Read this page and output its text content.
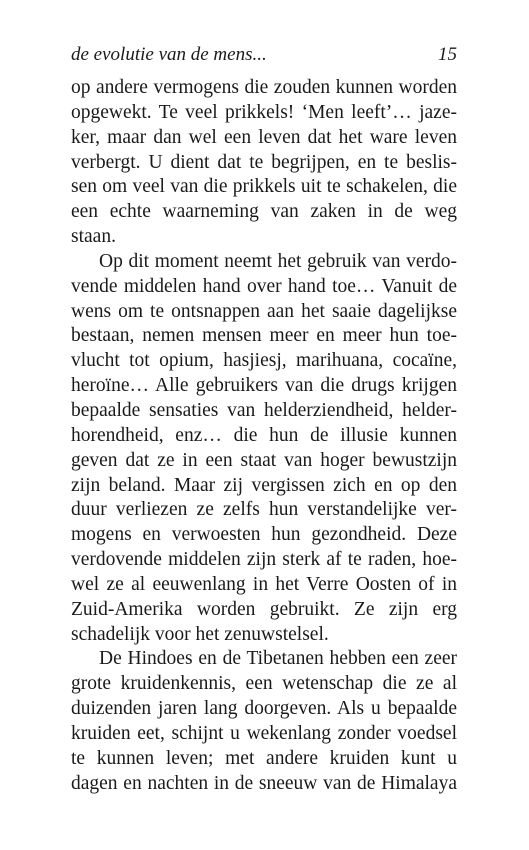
de evolutie van de mens...	15
op andere vermogens die zouden kunnen worden
opgewekt. Te veel prikkels! ‘Men leeft’… jaze-
ker, maar dan wel een leven dat het ware leven
verbergt. U dient dat te begrijpen, en te beslis-
sen om veel van die prikkels uit te schakelen, die
een echte waarneming van zaken in de weg
staan.
Op dit moment neemt het gebruik van verdo-
vende middelen hand over hand toe… Vanuit de
wens om te ontsnappen aan het saaie dagelijkse
bestaan, nemen mensen meer en meer hun toe-
vlucht tot opium, hasjiesj, marihuana, cocaïne,
heroïne… Alle gebruikers van die drugs krijgen
bepaalde sensaties van helderziendheid, helder-
horendheid, enz… die hun de illusie kunnen
geven dat ze in een staat van hoger bewustzijn
zijn beland. Maar zij vergissen zich en op den
duur verliezen ze zelfs hun verstandelijke ver-
mogens en verwoesten hun gezondheid. Deze
verdovende middelen zijn sterk af te raden, hoe-
wel ze al eeuwenlang in het Verre Oosten of in
Zuid-Amerika worden gebruikt. Ze zijn erg
schadelijk voor het zenuwstelsel.
De Hindoes en de Tibetanen hebben een zeer
grote kruidenkennis, een wetenschap die ze al
duizenden jaren lang doorgeven. Als u bepaalde
kruiden eet, schijnt u wekenlang zonder voedsel
te kunnen leven; met andere kruiden kunt u
dagen en nachten in de sneeuw van de Himalaya
